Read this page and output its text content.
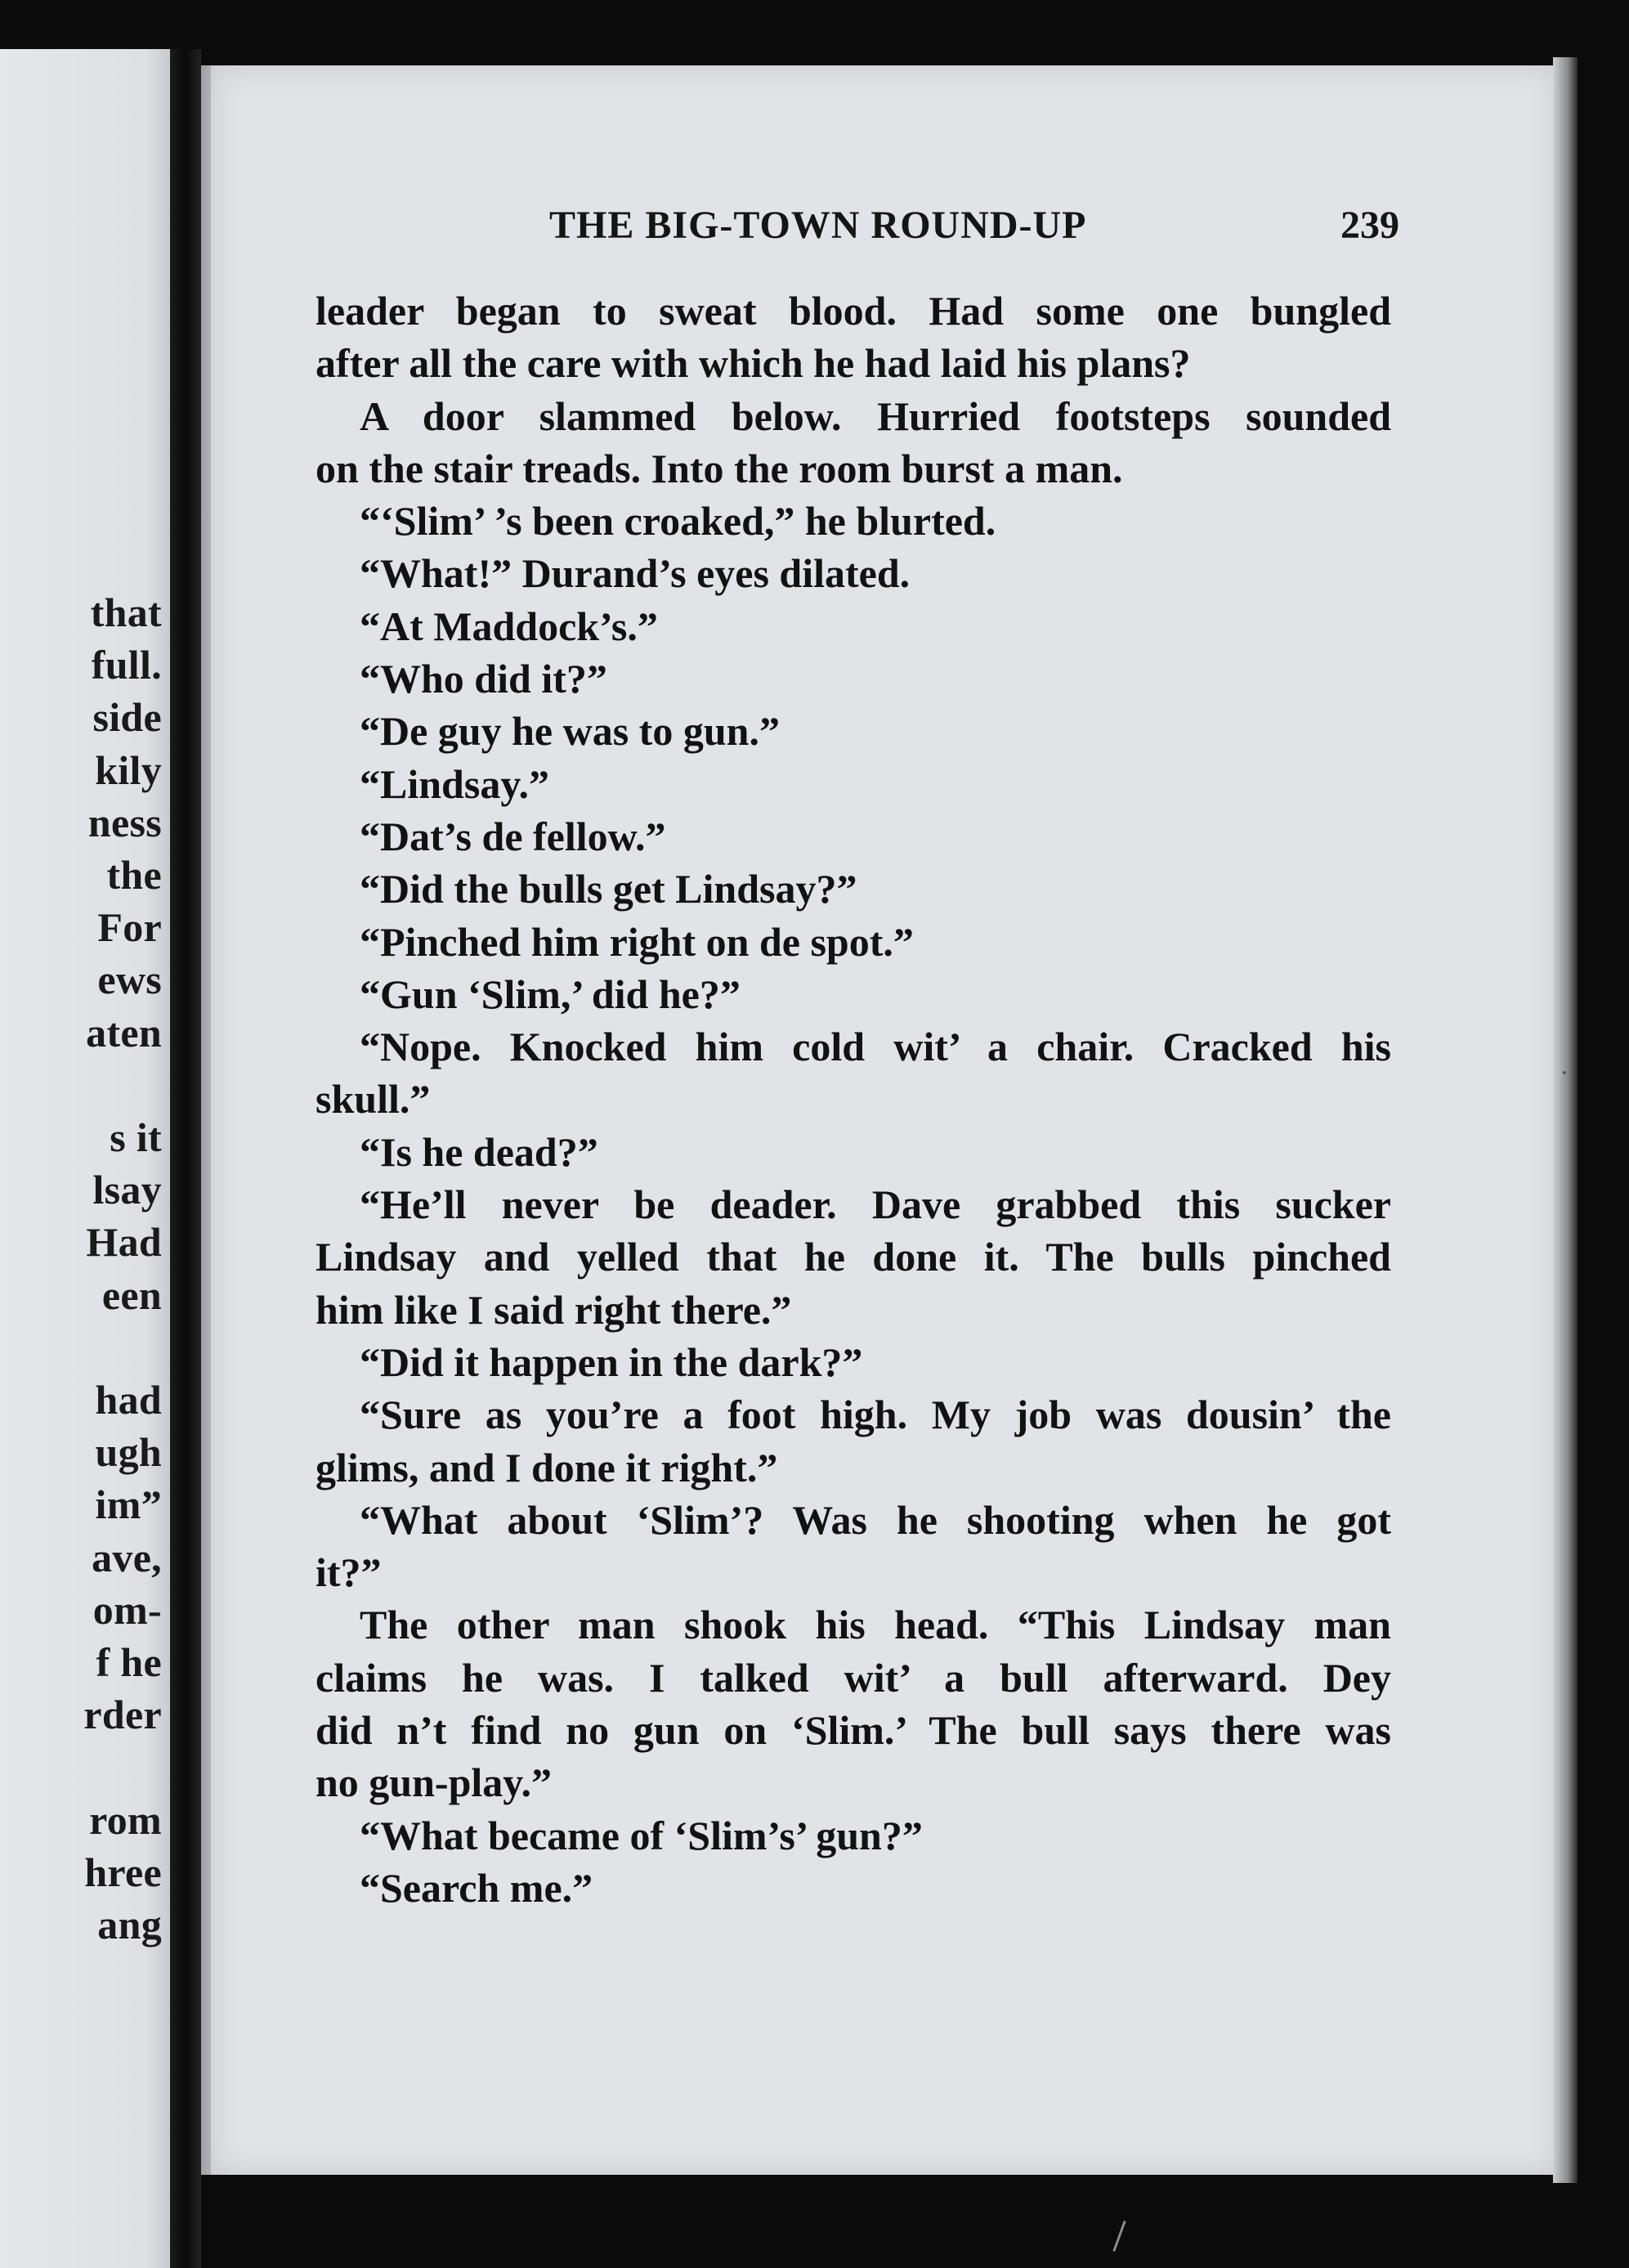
that
full.
side
kily
ness
the
For
ews
aten
s it
lsay
Had
een
had
ugh
im”
ave,
om-
f he
rder
rom
hree
ang
THE BIG-TOWN ROUND-UP	239
leader began to sweat blood. Had some one bungled
after all the care with which he had laid his plans?
A door slammed below. Hurried footsteps sounded
on the stair treads. Into the room burst a man.
“‘Slim’ ’s been croaked,” he blurted.
“What!” Durand’s eyes dilated.
“At Maddock’s.”
“Who did it?”
“De guy he was to gun.”
“Lindsay.”
“Dat’s de fellow.”
“Did the bulls get Lindsay?”
“Pinched him right on de spot.”
“Gun ‘Slim,’ did he?”
“Nope. Knocked him cold wit’ a chair. Cracked his
skull.”
“Is he dead?”
“He’ll never be deader. Dave grabbed this sucker
Lindsay and yelled that he done it. The bulls pinched
him like I said right there.”
“Did it happen in the dark?”
“Sure as you’re a foot high. My job was dousin’ the
glims, and I done it right.”
“What about ‘Slim’? Was he shooting when he got
it?”
The other man shook his head. “This Lindsay man
claims he was. I talked wit’ a bull afterward. Dey
did n’t find no gun on ‘Slim.’ The bull says there was
no gun-play.”
“What became of ‘Slim’s’ gun?”
“Search me.”
